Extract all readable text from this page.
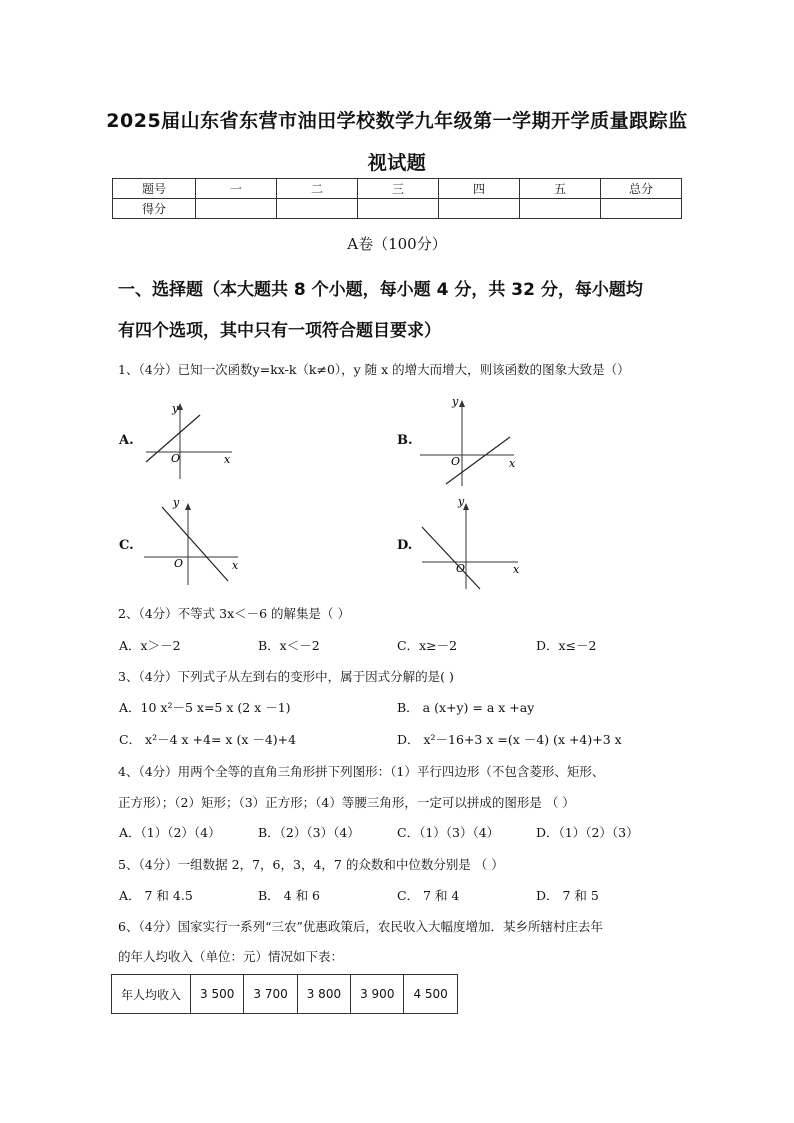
2025届山东省东营市油田学校数学九年级第一学期开学质量跟踪监
视试题
题号	一	二	三	四	五	总分
得分						
A卷（100分）
一、选择题（本大题共 8 个小题，每小题 4 分，共 32 分，每小题均
有四个选项，其中只有一项符合题目要求）
1、（4分）已知一次函数y=kx-k（k≠0），y 随 x 的增大而增大，则该函数的图象大致是（）
A.
y
x
O
B.
y
x
O
C.
y
x
O
D.
y
x
O
2、（4分）不等式 3x＜－6 的解集是（ ）
A．x＞－2	B．x＜－2	C．x≥－2	D．x≤－2
3、（4分）下列式子从左到右的变形中，属于因式分解的是( )
A．10 x²－5 x=5 x (2 x －1)	B． a (x+y) = a x +ay
C． x²－4 x +4= x (x －4)+4	D． x²－16+3 x =(x －4) (x +4)+3 x
4、（4分）用两个全等的直角三角形拼下列图形：（1）平行四边形（不包含菱形、矩形、
正方形）；（2）矩形；（3）正方形；（4）等腰三角形，一定可以拼成的图形是 （ ）
A．（1）（2）（4）	B．（2）（3）（4）	C．（1）（3）（4）	D．（1）（2）（3）
5、（4分）一组数据 2，7，6，3，4，7 的众数和中位数分别是 （ ）
A． 7 和 4.5	B． 4 和 6	C． 7 和 4	D． 7 和 5
6、（4分）国家实行一系列“三农”优惠政策后，农民收入大幅度增加．某乡所辖村庄去年
的年人均收入（单位：元）情况如下表：
年人均收入	3 500	3 700	3 800	3 900	4 500
